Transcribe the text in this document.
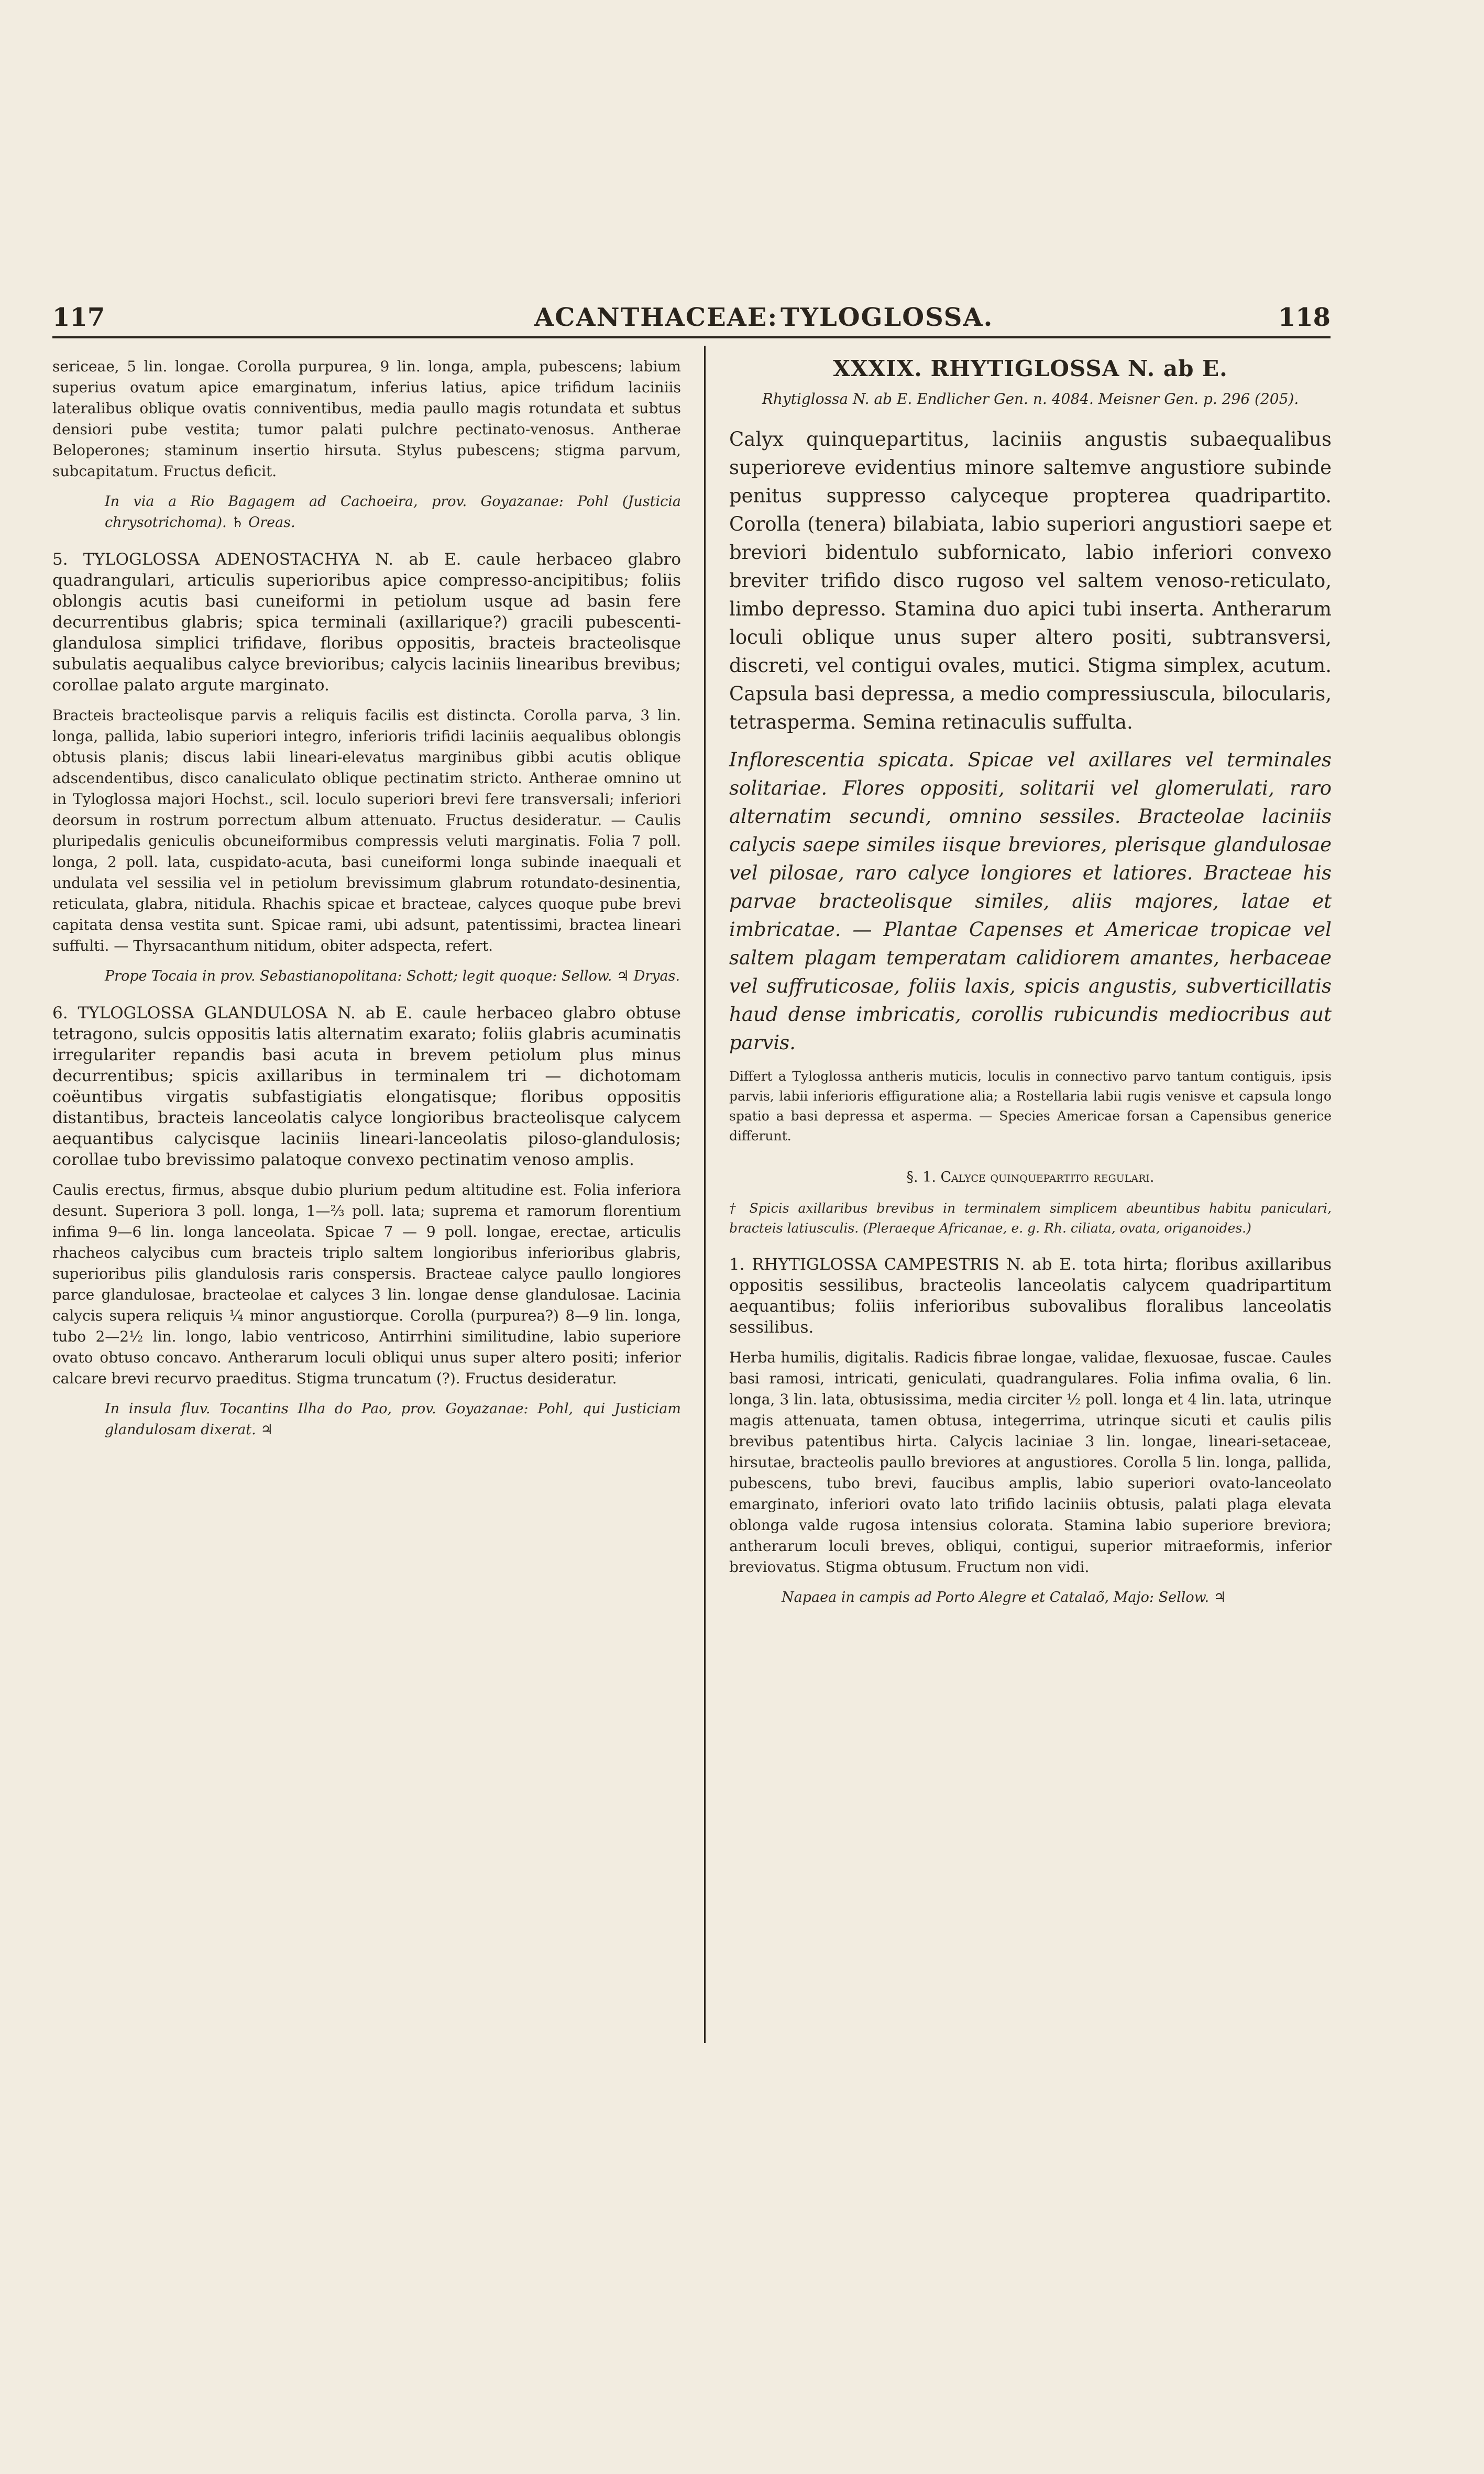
117	ACANTHACEAE: TYLOGLOSSA.	118

sericeae, 5 lin. longae. Corolla purpurea, 9 lin. longa, ampla, pubescens; labium superius ovatum apice emarginatum, inferius latius, apice trifidum laciniis lateralibus oblique ovatis conniventibus, media paullo magis rotundata et subtus densiori pube vestita; tumor palati pulchre pectinato-venosus. Antherae Beloperones; staminum insertio hirsuta. Stylus pubescens; stigma parvum, subcapitatum. Fructus deficit.

In via a Rio Bagagem ad Cachoeira, prov. Goyazanae: Pohl (Justicia chrysotrichoma). ♄ Oreas.

5. TYLOGLOSSA ADENOSTACHYA N. ab E. caule herbaceo glabro quadrangulari, articulis superioribus apice compresso-ancipitibus; foliis oblongis acutis basi cuneiformi in petiolum usque ad basin fere decurrentibus glabris; spica terminali (axillarique?) gracili pubescenti-glandulosa simplici trifidave, floribus oppositis, bracteis bracteolisque subulatis aequalibus calyce brevioribus; calycis laciniis linearibus brevibus; corollae palato argute marginato.

Bracteis bracteolisque parvis a reliquis facilis est distincta. Corolla parva, 3 lin. longa, pallida, labio superiori integro, inferioris trifidi laciniis aequalibus oblongis obtusis planis; discus labii lineari-elevatus marginibus gibbi acutis oblique adscendentibus, disco canaliculato oblique pectinatim stricto. Antherae omnino ut in Tyloglossa majori Hochst., scil. loculo superiori brevi fere transversali; inferiori deorsum in rostrum porrectum album attenuato. Fructus desideratur. — Caulis pluripedalis geniculis obcuneiformibus compressis veluti marginatis. Folia 7 poll. longa, 2 poll. lata, cuspidato-acuta, basi cuneiformi longa subinde inaequali et undulata vel sessilia vel in petiolum brevissimum glabrum rotundato-desinentia, reticulata, glabra, nitidula. Rhachis spicae et bracteae, calyces quoque pube brevi capitata densa vestita sunt. Spicae rami, ubi adsunt, patentissimi, bractea lineari suffulti. — Thyrsacanthum nitidum, obiter adspecta, refert.

Prope Tocaia in prov. Sebastianopolitana: Schott; legit quoque: Sellow. ♃ Dryas.

6. TYLOGLOSSA GLANDULOSA N. ab E. caule herbaceo glabro obtuse tetragono, sulcis oppositis latis alternatim exarato; foliis glabris acuminatis irregulariter repandis basi acuta in brevem petiolum plus minus decurrentibus; spicis axillaribus in terminalem tri — dichotomam coëuntibus virgatis subfastigiatis elongatisque; floribus oppositis distantibus, bracteis lanceolatis calyce longioribus bracteolisque calycem aequantibus calycisque laciniis lineari-lanceolatis piloso-glandulosis; corollae tubo brevissimo palatoque convexo pectinatim venoso amplis.

Caulis erectus, firmus, absque dubio plurium pedum altitudine est. Folia inferiora desunt. Superiora 3 poll. longa, 1—⅔ poll. lata; suprema et ramorum florentium infima 9—6 lin. longa lanceolata. Spicae 7 — 9 poll. longae, erectae, articulis rhacheos calycibus cum bracteis triplo saltem longioribus inferioribus glabris, superioribus pilis glandulosis raris conspersis. Bracteae calyce paullo longiores parce glandulosae, bracteolae et calyces 3 lin. longae dense glandulosae. Lacinia calycis supera reliquis ¼ minor angustiorque. Corolla (purpurea?) 8—9 lin. longa, tubo 2—2½ lin. longo, labio ventricoso, Antirrhini similitudine, labio superiore ovato obtuso concavo. Antherarum loculi obliqui unus super altero positi; inferior calcare brevi recurvo praeditus. Stigma truncatum (?). Fructus desideratur.

In insula fluv. Tocantins Ilha do Pao, prov. Goyazanae: Pohl, qui Justiciam glandulosam dixerat. ♃

XXXIX. RHYTIGLOSSA N. ab E.
Rhytiglossa N. ab E. Endlicher Gen. n. 4084. Meisner Gen. p. 296 (205).

Calyx quinquepartitus, laciniis angustis subaequalibus superioreve evidentius minore saltemve angustiore subinde penitus suppresso calyceque propterea quadripartito. Corolla (tenera) bilabiata, labio superiori angustiori saepe et breviori bidentulo subfornicato, labio inferiori convexo breviter trifido disco rugoso vel saltem venoso-reticulato, limbo depresso. Stamina duo apici tubi inserta. Antherarum loculi oblique unus super altero positi, subtransversi, discreti, vel contigui ovales, mutici. Stigma simplex, acutum. Capsula basi depressa, a medio compressiuscula, bilocularis, tetrasperma. Semina retinaculis suffulta.

Inflorescentia spicata. Spicae vel axillares vel terminales solitariae. Flores oppositi, solitarii vel glomerulati, raro alternatim secundi, omnino sessiles. Bracteolae laciniis calycis saepe similes iisque breviores, plerisque glandulosae vel pilosae, raro calyce longiores et latiores. Bracteae his parvae bracteolisque similes, aliis majores, latae et imbricatae. — Plantae Capenses et Americae tropicae vel saltem plagam temperatam calidiorem amantes, herbaceae vel suffruticosae, foliis laxis, spicis angustis, subverticillatis haud dense imbricatis, corollis rubicundis mediocribus aut parvis.

Differt a Tyloglossa antheris muticis, loculis in connectivo parvo tantum contiguis, ipsis parvis, labii inferioris effiguratione alia; a Rostellaria labii rugis venisve et capsula longo spatio a basi depressa et asperma. — Species Americae forsan a Capensibus generice differunt.

§. 1. Calyce quinquepartito regulari.

† Spicis axillaribus brevibus in terminalem simplicem abeuntibus habitu paniculari, bracteis latiusculis. (Pleraeque Africanae, e. g. Rh. ciliata, ovata, origanoides.)

1. RHYTIGLOSSA CAMPESTRIS N. ab E. tota hirta; floribus axillaribus oppositis sessilibus, bracteolis lanceolatis calycem quadripartitum aequantibus; foliis inferioribus subovalibus floralibus lanceolatis sessilibus.

Herba humilis, digitalis. Radicis fibrae longae, validae, flexuosae, fuscae. Caules basi ramosi, intricati, geniculati, quadrangulares. Folia infima ovalia, 6 lin. longa, 3 lin. lata, obtusissima, media circiter ½ poll. longa et 4 lin. lata, utrinque magis attenuata, tamen obtusa, integerrima, utrinque sicuti et caulis pilis brevibus patentibus hirta. Calycis laciniae 3 lin. longae, lineari-setaceae, hirsutae, bracteolis paullo breviores at angustiores. Corolla 5 lin. longa, pallida, pubescens, tubo brevi, faucibus amplis, labio superiori ovato-lanceolato emarginato, inferiori ovato lato trifido laciniis obtusis, palati plaga elevata oblonga valde rugosa intensius colorata. Stamina labio superiore breviora; antherarum loculi breves, obliqui, contigui, superior mitraeformis, inferior breviovatus. Stigma obtusum. Fructum non vidi.

Napaea in campis ad Porto Alegre et Catalaõ, Majo: Sellow. ♃
